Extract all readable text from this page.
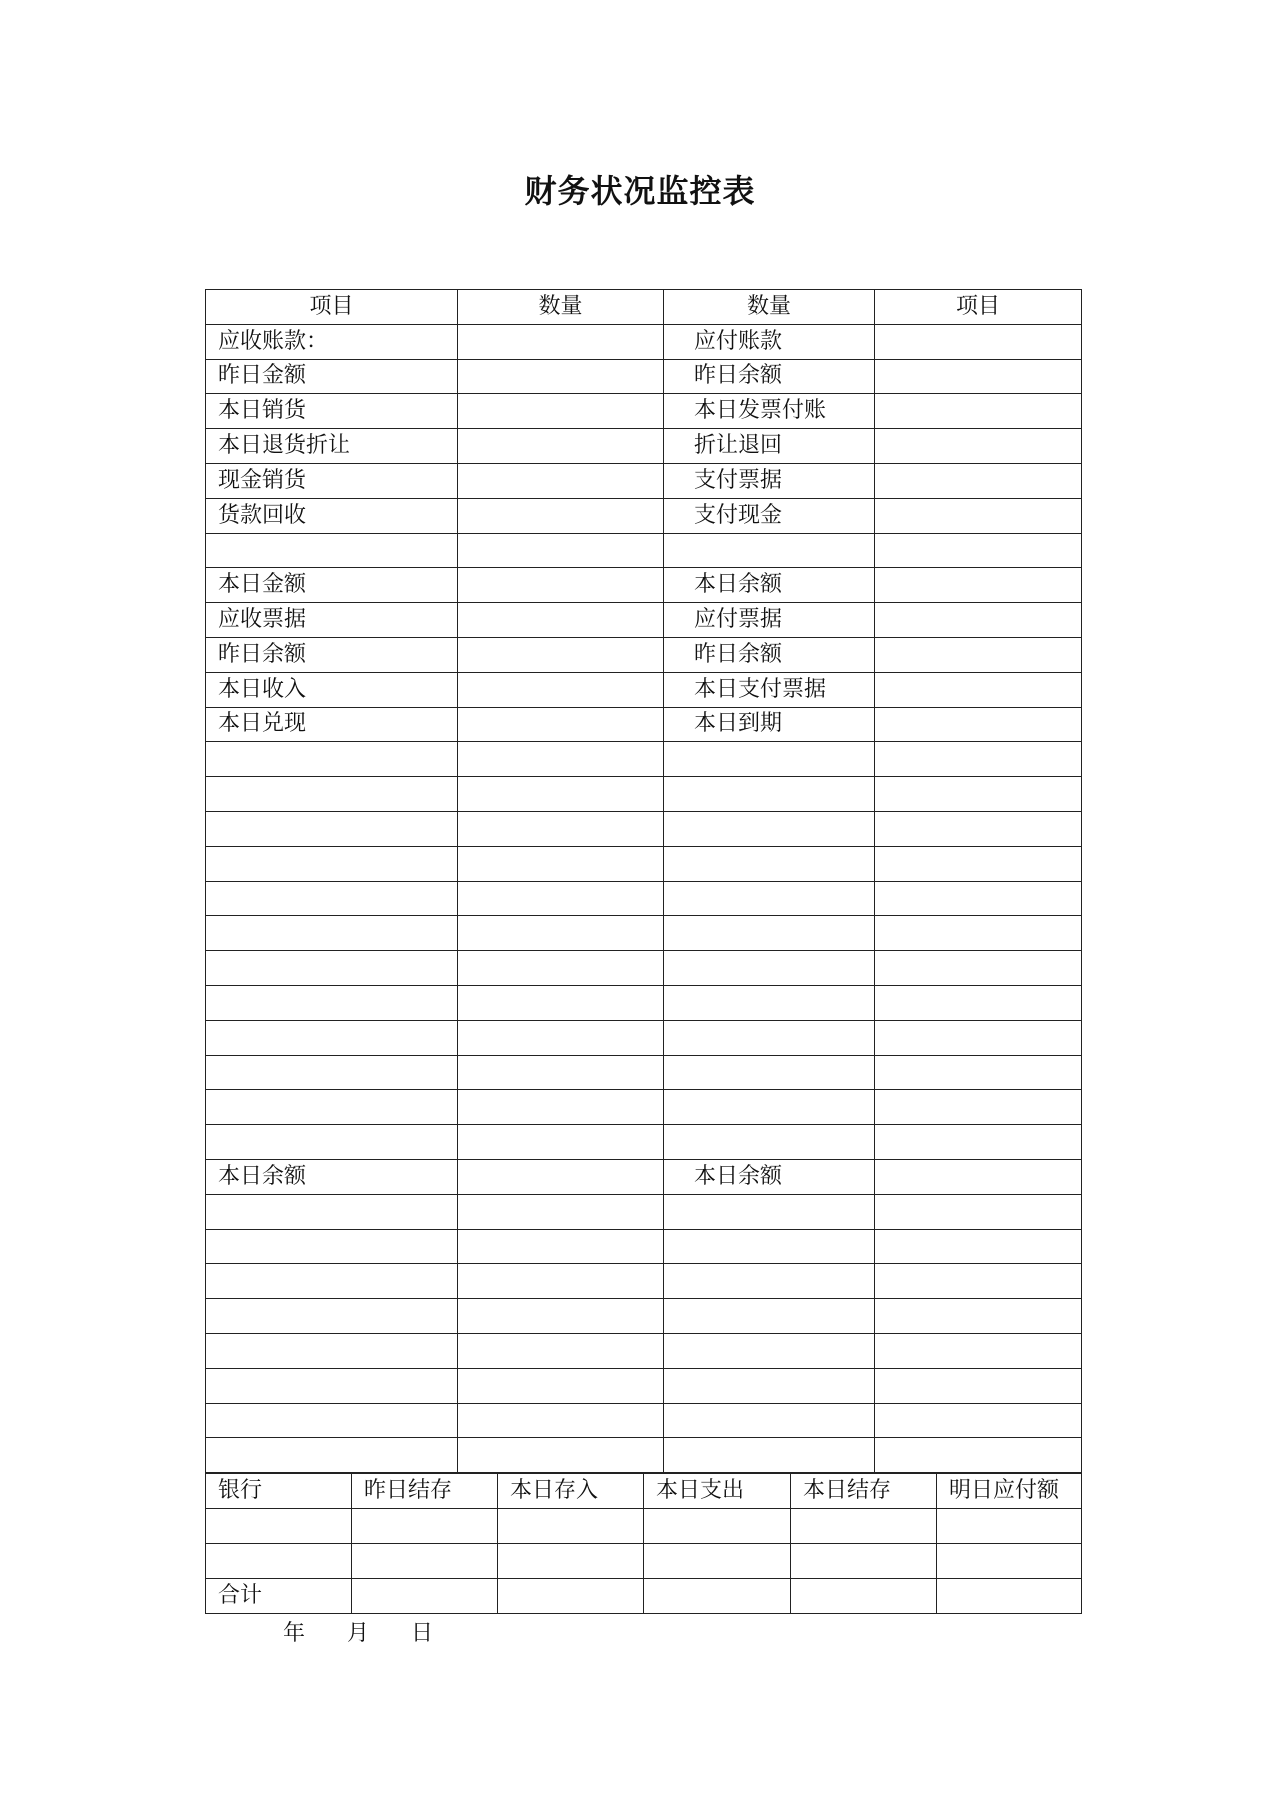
财务状况监控表
项目	数量	数量	项目
应收账款：		应付账款	
昨日金额		昨日余额	
本日销货		本日发票付账	
本日退货折让		折让退回	
现金销货		支付票据	
货款回收		支付现金	

本日金额		本日余额	
应收票据		应付票据	
昨日余额		昨日余额	
本日收入		本日支付票据	
本日兑现		本日到期	

本日余额		本日余额	

银行	昨日结存	本日存入	本日支出	本日结存	明日应付额

合计					
年 月 日
